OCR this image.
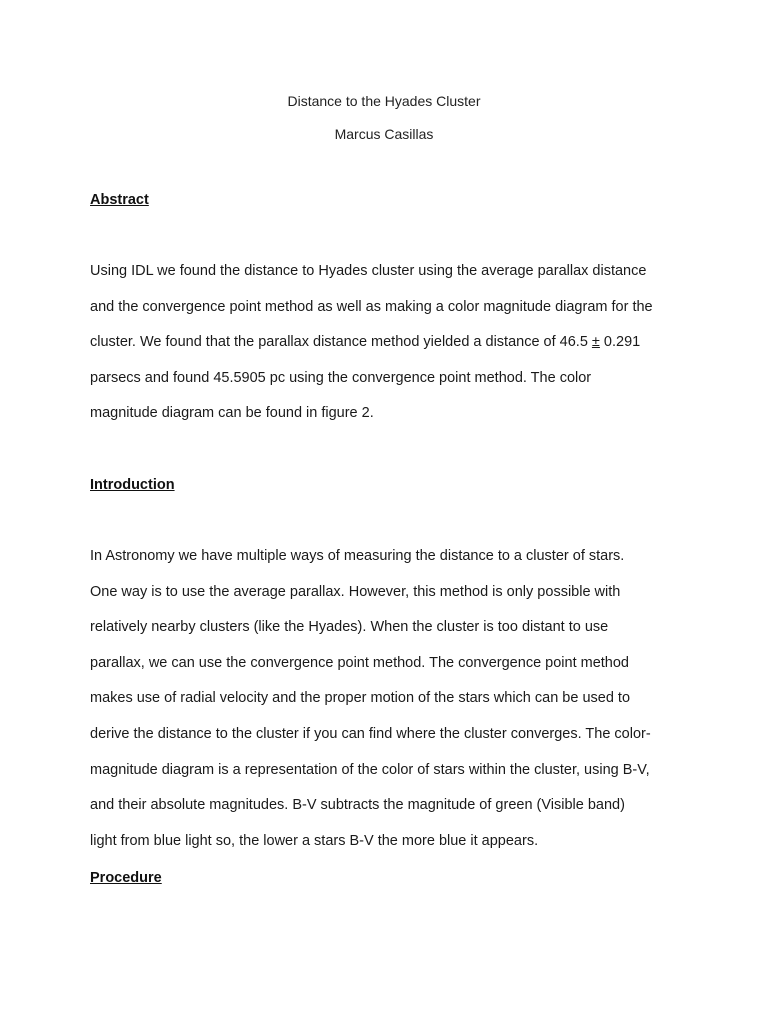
Distance to the Hyades Cluster
Marcus Casillas
Abstract
Using IDL we found the distance to Hyades cluster using the average parallax distance
and the convergence point method as well as making a color magnitude diagram for the
cluster. We found that the parallax distance method yielded a distance of 46.5 ± 0.291
parsecs and found 45.5905 pc using the convergence point method. The color
magnitude diagram can be found in figure 2.
Introduction
In Astronomy we have multiple ways of measuring the distance to a cluster of stars.
One way is to use the average parallax. However, this method is only possible with
relatively nearby clusters (like the Hyades). When the cluster is too distant to use
parallax, we can use the convergence point method. The convergence point method
makes use of radial velocity and the proper motion of the stars which can be used to
derive the distance to the cluster if you can find where the cluster converges. The color-
magnitude diagram is a representation of the color of stars within the cluster, using B-V,
and their absolute magnitudes. B-V subtracts the magnitude of green (Visible band)
light from blue light so, the lower a stars B-V the more blue it appears.
Procedure
